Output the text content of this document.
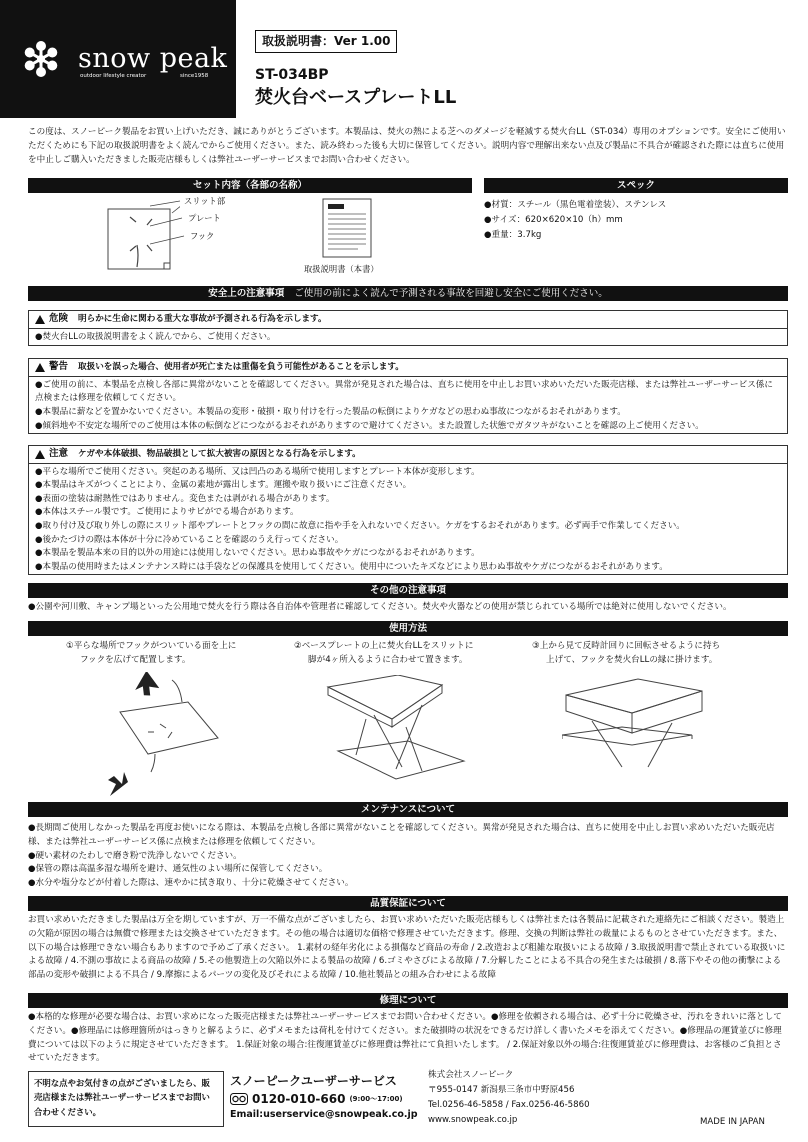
snow peak
outdoor lifestyle creator	since1958
取扱説明書：Ver 1.00
ST-034BP
焚火台ベースプレートLL
この度は、スノーピーク製品をお買い上げいただき、誠にありがとうございます。本製品は、焚火の熱による芝へのダメージを軽減する焚火台LL（ST-034）専用のオプションです。安全にご使用いただくためにも下記の取扱説明書をよく読んでからご使用ください。また、読み終わった後も大切に保管してください。説明内容で理解出来ない点及び製品に不具合が確認された際には直ちに使用を中止しご購入いただきました販売店様もしくは弊社ユーザーサービスまでお問い合わせください。
セット内容（各部の名称）
スリット部
プレート
フック
取扱説明書（本書）
スペック
●材質：スチール（黒色電着塗装）、ステンレス
●サイズ：620×620×10（h）mm
●重量：3.7kg
安全上の注意事項 ご使用の前によく読んで予測される事故を回避し安全にご使用ください。
危険 明らかに生命に関わる重大な事故が予測される行為を示します。
●焚火台LLの取扱説明書をよく読んでから、ご使用ください。
警告 取扱いを誤った場合、使用者が死亡または重傷を負う可能性があることを示します。
●ご使用の前に、本製品を点検し各部に異常がないことを確認してください。異常が発見された場合は、直ちに使用を中止しお買い求めいただいた販売店様、または弊社ユーザーサービス係に点検または修理を依頼してください。
●本製品に薪などを置かないでください。本製品の変形・破損・取り付けを行った製品の転倒によりケガなどの思わぬ事故につながるおそれがあります。
●傾斜地や不安定な場所でのご使用は本体の転倒などにつながるおそれがありますので避けてください。また設置した状態でガタツキがないことを確認の上ご使用ください。
注意 ケガや本体破損、物品破損として拡大被害の原因となる行為を示します。
●平らな場所でご使用ください。突起のある場所、又は凹凸のある場所で使用しますとプレート本体が変形します。
●本製品はキズがつくことにより、金属の素地が露出します。運搬や取り扱いにご注意ください。
●表面の塗装は耐熱性ではありません。変色または剥がれる場合があります。
●本体はスチール製です。ご使用によりサビがでる場合があります。
●取り付け及び取り外しの際にスリット部やプレートとフックの間に故意に指や手を入れないでください。ケガをするおそれがあります。必ず両手で作業してください。
●後かたづけの際は本体が十分に冷めていることを確認のうえ行ってください。
●本製品を製品本来の目的以外の用途には使用しないでください。思わぬ事故やケガにつながるおそれがあります。
●本製品の使用時またはメンテナンス時には手袋などの保護具を使用してください。使用中についたキズなどにより思わぬ事故やケガにつながるおそれがあります。
その他の注意事項
●公園や河川敷、キャンプ場といった公用地で焚火を行う際は各自治体や管理者に確認してください。焚火や火器などの使用が禁じられている場所では絶対に使用しないでください。
使用方法
①平らな場所でフックがついている面を上に
フックを広げて配置します。
②ベースプレートの上に焚火台LLをスリットに
脚が4ヶ所入るように合わせて置きます。
③上から見て反時計回りに回転させるように持ち
上げて、フックを焚火台LLの縁に掛けます。
メンテナンスについて
●長期間ご使用しなかった製品を再度お使いになる際は、本製品を点検し各部に異常がないことを確認してください。異常が発見された場合は、直ちに使用を中止しお買い求めいただいた販売店様、または弊社ユーザーサービス係に点検または修理を依頼してください。
●硬い素材のたわしで磨き粉で洗浄しないでください。
●保管の際は高温多湿な場所を避け、通気性のよい場所に保管してください。
●水分や塩分などが付着した際は、速やかに拭き取り、十分に乾燥させてください。
品質保証について
お買い求めいただきました製品は万全を期していますが、万一不備な点がございましたら、お買い求めいただいた販売店様もしくは弊社または各製品に記載された連絡先にご相談ください。製造上の欠陥が原因の場合は無償で修理または交換させていただきます。その他の場合は適切な価格で修理させていただきます。修理、交換の判断は弊社の裁量によるものとさせていただきます。また、以下の場合は修理できない場合もありますので予めご了承ください。 1.素材の経年劣化による損傷など商品の寿命 / 2.改造および粗雑な取扱いによる故障 / 3.取扱説明書で禁止されている取扱いによる故障 / 4.不測の事故による商品の故障 / 5.その他製造上の欠陥以外による製品の故障 / 6.ゴミやさびによる故障 / 7.分解したことによる不具合の発生または破損 / 8.落下やその他の衝撃による部品の変形や破損による不具合 / 9.摩擦によるパーツの変化及びそれによる故障 / 10.他社製品との組み合わせによる故障
修理について
●本格的な修理が必要な場合は、お買い求めになった販売店様または弊社ユーザーサービスまでお問い合わせください。●修理を依頼される場合は、必ず十分に乾燥させ、汚れをきれいに落としてください。●修理品には修理箇所がはっきりと解るように、必ずメモまたは荷札を付けてください。また破損時の状況をできるだけ詳しく書いたメモを添えてください。●修理品の運賃並びに修理費については以下のように規定させていただきます。 1.保証対象の場合:往復運賃並びに修理費は弊社にて負担いたします。 / 2.保証対象以外の場合:往復運賃並びに修理費は、お客様のご負担とさせていただきます。
不明な点やお気付きの点がございましたら、販売店様または弊社ユーザーサービスまでお問い合わせください。
スノーピークユーザーサービス
0120-010-660 (9:00〜17:00)
Email:userservice@snowpeak.co.jp
株式会社スノーピーク
〒955-0147 新潟県三条市中野原456
Tel.0256-46-5858 / Fax.0256-46-5860
www.snowpeak.co.jp	MADE IN JAPAN
